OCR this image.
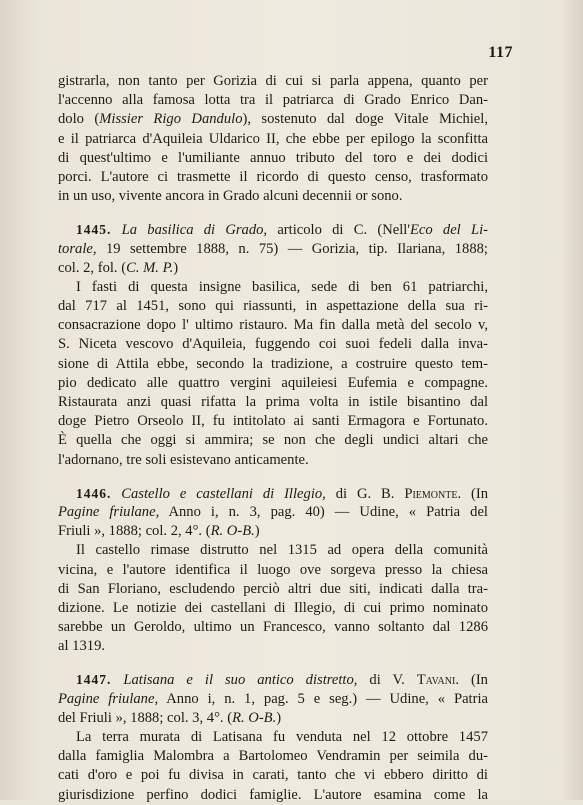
117
gistrarla, non tanto per Gorizia di cui si parla appena, quanto per
l'accenno alla famosa lotta tra il patriarca di Grado Enrico Dan-
dolo (Missier Rigo Dandulo), sostenuto dal doge Vitale Michiel,
e il patriarca d'Aquileia Uldarico II, che ebbe per epilogo la sconfitta
di quest'ultimo e l'umiliante annuo tributo del toro e dei dodici
porci. L'autore ci trasmette il ricordo di questo censo, trasformato
in un uso, vivente ancora in Grado alcuni decennii or sono.
1445. La basilica di Grado, articolo di C. (Nell'Eco del Li-
torale, 19 settembre 1888, n. 75) — Gorizia, tip. Ilariana, 1888;
col. 2, fol. (C. M. P.)
I fasti di questa insigne basilica, sede di ben 61 patriarchi,
dal 717 al 1451, sono qui riassunti, in aspettazione della sua ri-
consacrazione dopo l' ultimo ristauro. Ma fin dalla metà del secolo v,
S. Niceta vescovo d'Aquileia, fuggendo coi suoi fedeli dalla inva-
sione di Attila ebbe, secondo la tradizione, a costruire questo tem-
pio dedicato alle quattro vergini aquileiesi Eufemia e compagne.
Ristaurata anzi quasi rifatta la prima volta in istile bisantino dal
doge Pietro Orseolo II, fu intitolato ai santi Ermagora e Fortunato.
È quella che oggi si ammira; se non che degli undici altari che
l'adornano, tre soli esistevano anticamente.
1446. Castello e castellani di Illegio, di G. B. Piemonte. (In
Pagine friulane, Anno i, n. 3, pag. 40) — Udine, « Patria del
Friuli », 1888; col. 2, 4°. (R. O-B.)
Il castello rimase distrutto nel 1315 ad opera della comunità
vicina, e l'autore identifica il luogo ove sorgeva presso la chiesa
di San Floriano, escludendo perciò altri due siti, indicati dalla tra-
dizione. Le notizie dei castellani di Illegio, di cui primo nominato
sarebbe un Geroldo, ultimo un Francesco, vanno soltanto dal 1286
al 1319.
1447. Latisana e il suo antico distretto, di V. Tavani. (In
Pagine friulane, Anno i, n. 1, pag. 5 e seg.) — Udine, « Patria
del Friuli », 1888; col. 3, 4°. (R. O-B.)
La terra murata di Latisana fu venduta nel 12 ottobre 1457
dalla famiglia Malombra a Bartolomeo Vendramin per seimila du-
cati d'oro e poi fu divisa in carati, tanto che vi ebbero diritto di
giurisdizione perfino dodici famiglie. L'autore esamina come la
